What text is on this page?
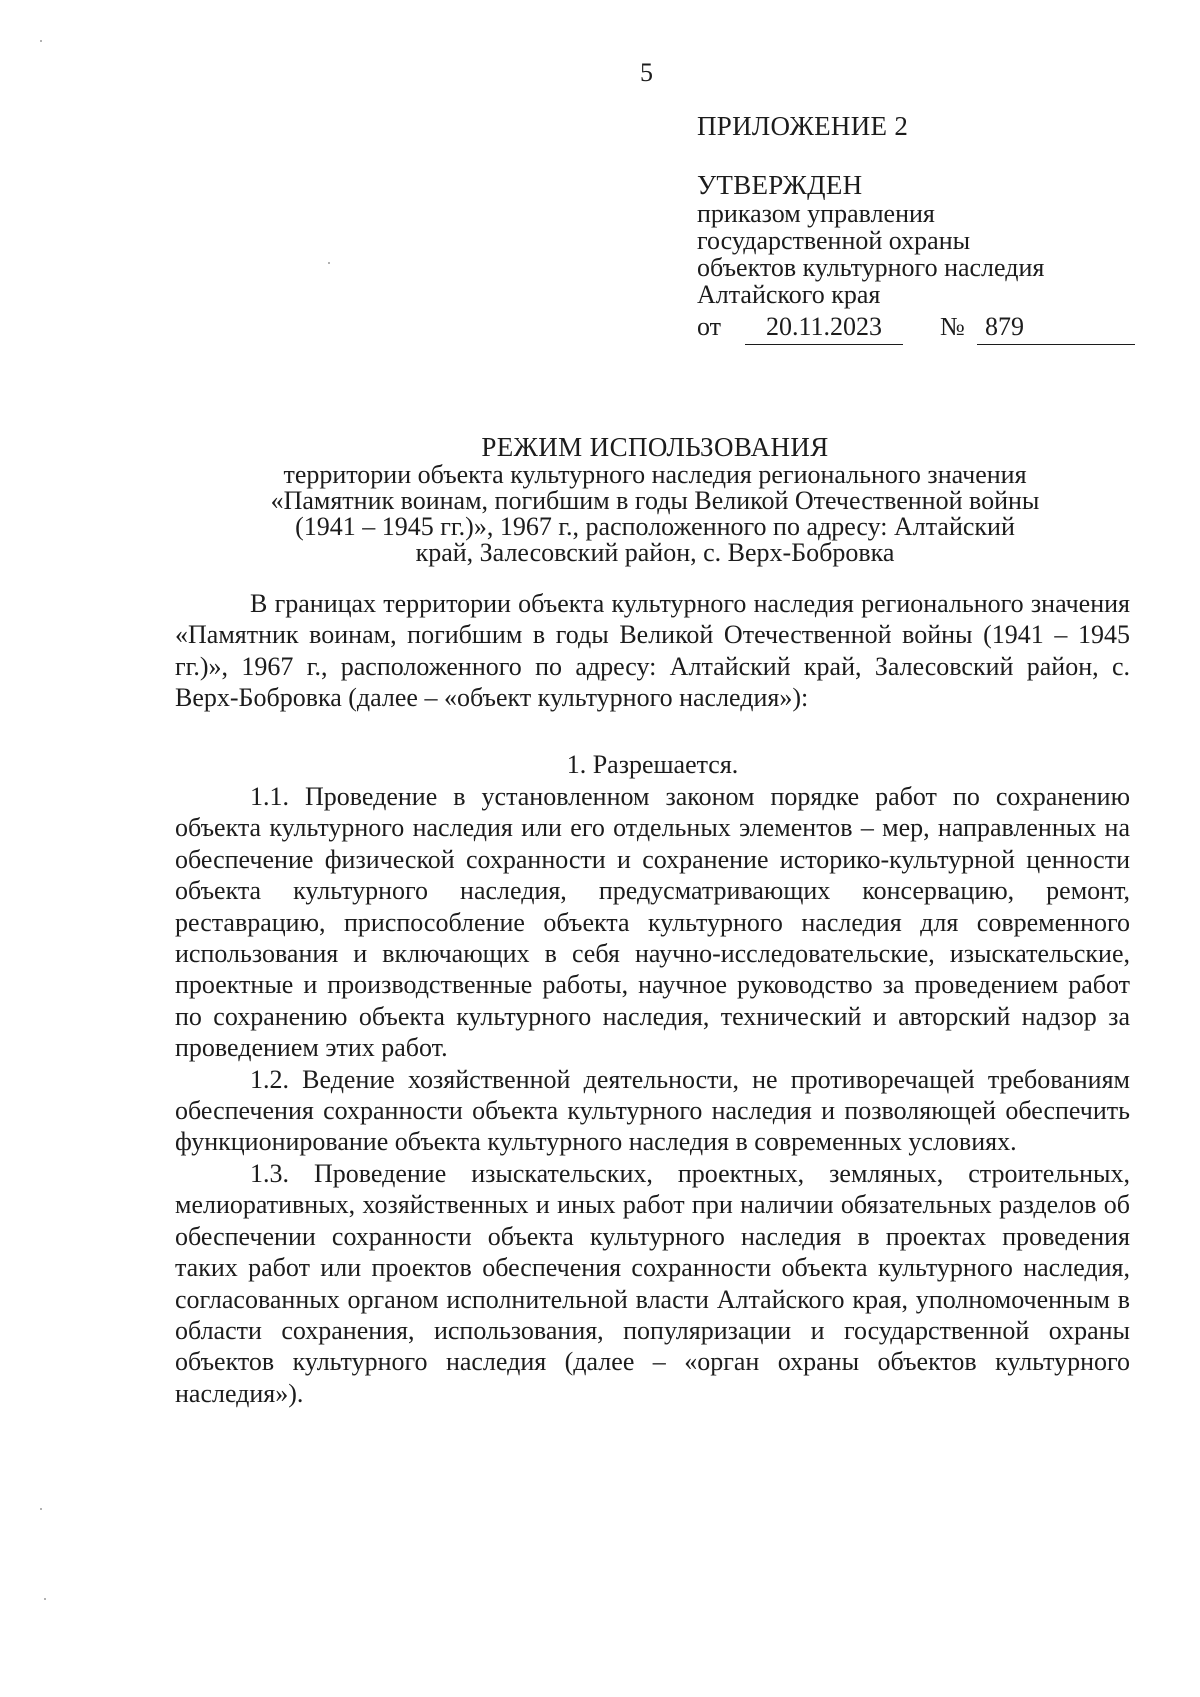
5
ПРИЛОЖЕНИЕ 2
УТВЕРЖДЕН
приказом управления
государственной охраны
объектов культурного наследия
Алтайского края
от	20.11.2023	№ 879
РЕЖИМ ИСПОЛЬЗОВАНИЯ
территории объекта культурного наследия регионального значения
«Памятник воинам, погибшим в годы Великой Отечественной войны
(1941 – 1945 гг.)», 1967 г., расположенного по адресу: Алтайский
край, Залесовский район, с. Верх-Бобровка

В границах территории объекта культурного наследия регионального значения «Памятник воинам, погибшим в годы Великой Отечественной войны (1941 – 1945 гг.)», 1967 г., расположенного по адресу: Алтайский край, Залесовский район, с. Верх-Бобровка (далее – «объект культурного наследия»):

1. Разрешается.

1.1. Проведение в установленном законом порядке работ по сохранению объекта культурного наследия или его отдельных элементов – мер, направленных на обеспечение физической сохранности и сохранение историко-культурной ценности объекта культурного наследия, предусматривающих консервацию, ремонт, реставрацию, приспособление объекта культурного наследия для современного использования и включающих в себя научно-исследовательские, изыскательские, проектные и производственные работы, научное руководство за проведением работ по сохранению объекта культурного наследия, технический и авторский надзор за проведением этих работ.

1.2. Ведение хозяйственной деятельности, не противоречащей требованиям обеспечения сохранности объекта культурного наследия и позволяющей обеспечить функционирование объекта культурного наследия в современных условиях.

1.3. Проведение изыскательских, проектных, земляных, строительных, мелиоративных, хозяйственных и иных работ при наличии обязательных разделов об обеспечении сохранности объекта культурного наследия в проектах проведения таких работ или проектов обеспечения сохранности объекта культурного наследия, согласованных органом исполнительной власти Алтайского края, уполномоченным в области сохранения, использования, популяризации и государственной охраны объектов культурного наследия (далее – «орган охраны объектов культурного наследия»).
